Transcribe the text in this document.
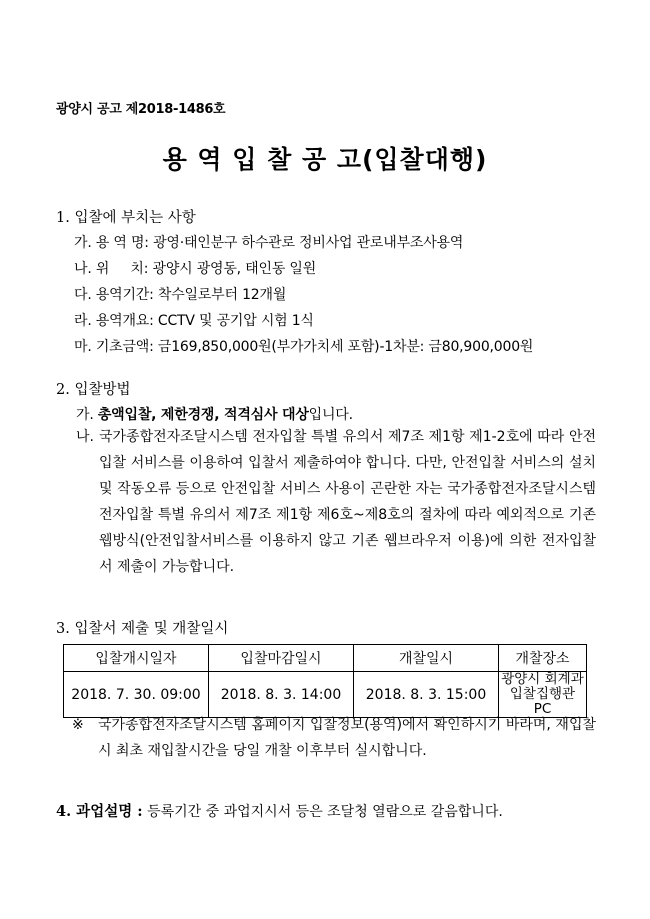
광양시 공고 제2018-1486호
용 역 입 찰 공 고(입찰대행)
1. 입찰에 부치는 사항
가. 용 역 명: 광영·태인분구 하수관로 정비사업 관로내부조사용역
나. 위     치: 광양시 광영동, 태인동 일원
다. 용역기간: 착수일로부터 12개월
라. 용역개요: CCTV 및 공기압 시험 1식
마. 기초금액: 금169,850,000원(부가가치세 포함)-1차분: 금80,900,000원
2. 입찰방법
가. 총액입찰, 제한경쟁, 적격심사 대상입니다.
나. 국가종합전자조달시스템 전자입찰 특별 유의서 제7조 제1항 제1-2호에 따라 안전입찰 서비스를 이용하여 입찰서 제출하여야 합니다. 다만, 안전입찰 서비스의 설치 및 작동오류 등으로 안전입찰 서비스 사용이 곤란한 자는 국가종합전자조달시스템 전자입찰 특별 유의서 제7조 제1항 제6호~제8호의 절차에 따라 예외적으로 기존 웹방식(안전입찰서비스를 이용하지 않고 기존 웹브라우저 이용)에 의한 전자입찰서 제출이 가능합니다.
3. 입찰서 제출 및 개찰일시
입찰개시일자	입찰마감일시	개찰일시	개찰장소
2018. 7. 30. 09:00	2018. 8. 3. 14:00	2018. 8. 3. 15:00	광양시 회계과
입찰집행관 PC
※	국가종합전자조달시스템 홈페이지 입찰정보(용역)에서 확인하시기 바라며, 재입찰시 최초 재입찰시간을 당일 개찰 이후부터 실시합니다.
4. 과업설명 : 등록기간 중 과업지시서 등은 조달청 열람으로 갈음합니다.
